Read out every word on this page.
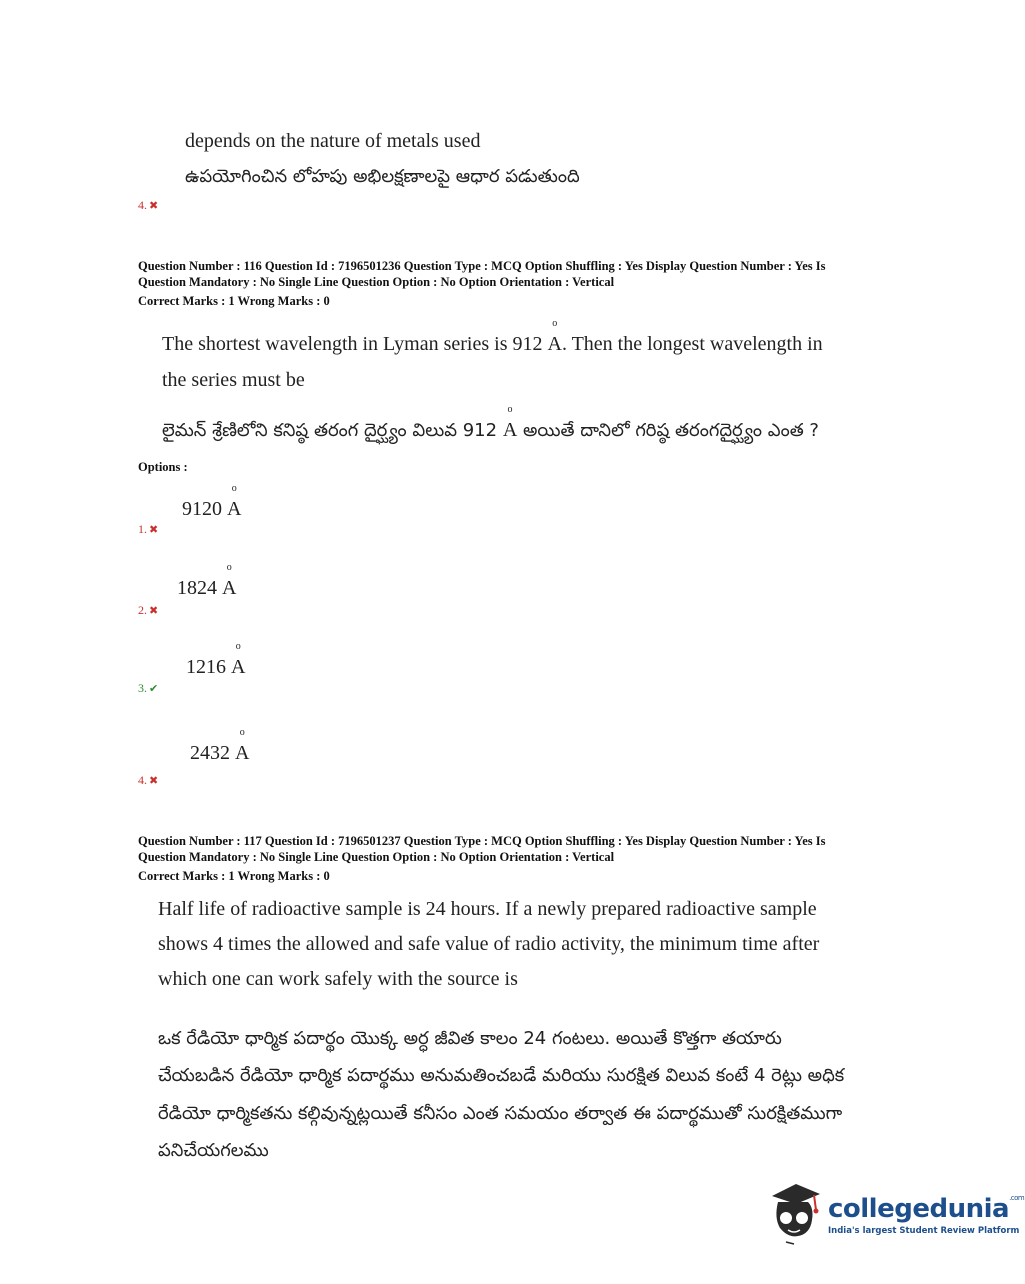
depends on the nature of metals used
ఉపయోగించిన లోహపు అభిలక్షణాలపై ఆధార పడుతుంది
4. ✖
Question Number : 116 Question Id : 7196501236 Question Type : MCQ Option Shuffling : Yes Display Question Number : Yes Is
Question Mandatory : No Single Line Question Option : No Option Orientation : Vertical
Correct Marks : 1 Wrong Marks : 0
The shortest wavelength in Lyman series is 912 o A. Then the longest wavelength in
the series must be
లైమన్ శ్రేణిలోని కనిష్ఠ తరంగ దైర్ఘ్యం విలువ 912 o A అయితే దానిలో గరిష్ఠ తరంగదైర్ఘ్యం ఎంత ?
Options :
9120 o A
1. ✖
1824 o A
2. ✖
1216 o A
3. ✔
2432 o A
4. ✖
Question Number : 117 Question Id : 7196501237 Question Type : MCQ Option Shuffling : Yes Display Question Number : Yes Is
Question Mandatory : No Single Line Question Option : No Option Orientation : Vertical
Correct Marks : 1 Wrong Marks : 0
Half life of radioactive sample is 24 hours. If a newly prepared radioactive sample
shows 4 times the allowed and safe value of radio activity, the minimum time after
which one can work safely with the source is
ఒక రేడియో ధార్మిక పదార్థం యొక్క అర్ధ జీవిత కాలం 24 గంటలు. అయితే కొత్తగా తయారు
చేయబడిన రేడియో ధార్మిక పదార్థము అనుమతించబడే మరియు సురక్షిత విలువ కంటే 4 రెట్లు అధిక
రేడియో ధార్మికతను కల్గివున్నట్లయితే కనీసం ఎంత సమయం తర్వాత ఈ పదార్థముతో సురక్షితముగా
పనిచేయగలము
collegedunia$^{.com}$
India's largest Student Review Platform
